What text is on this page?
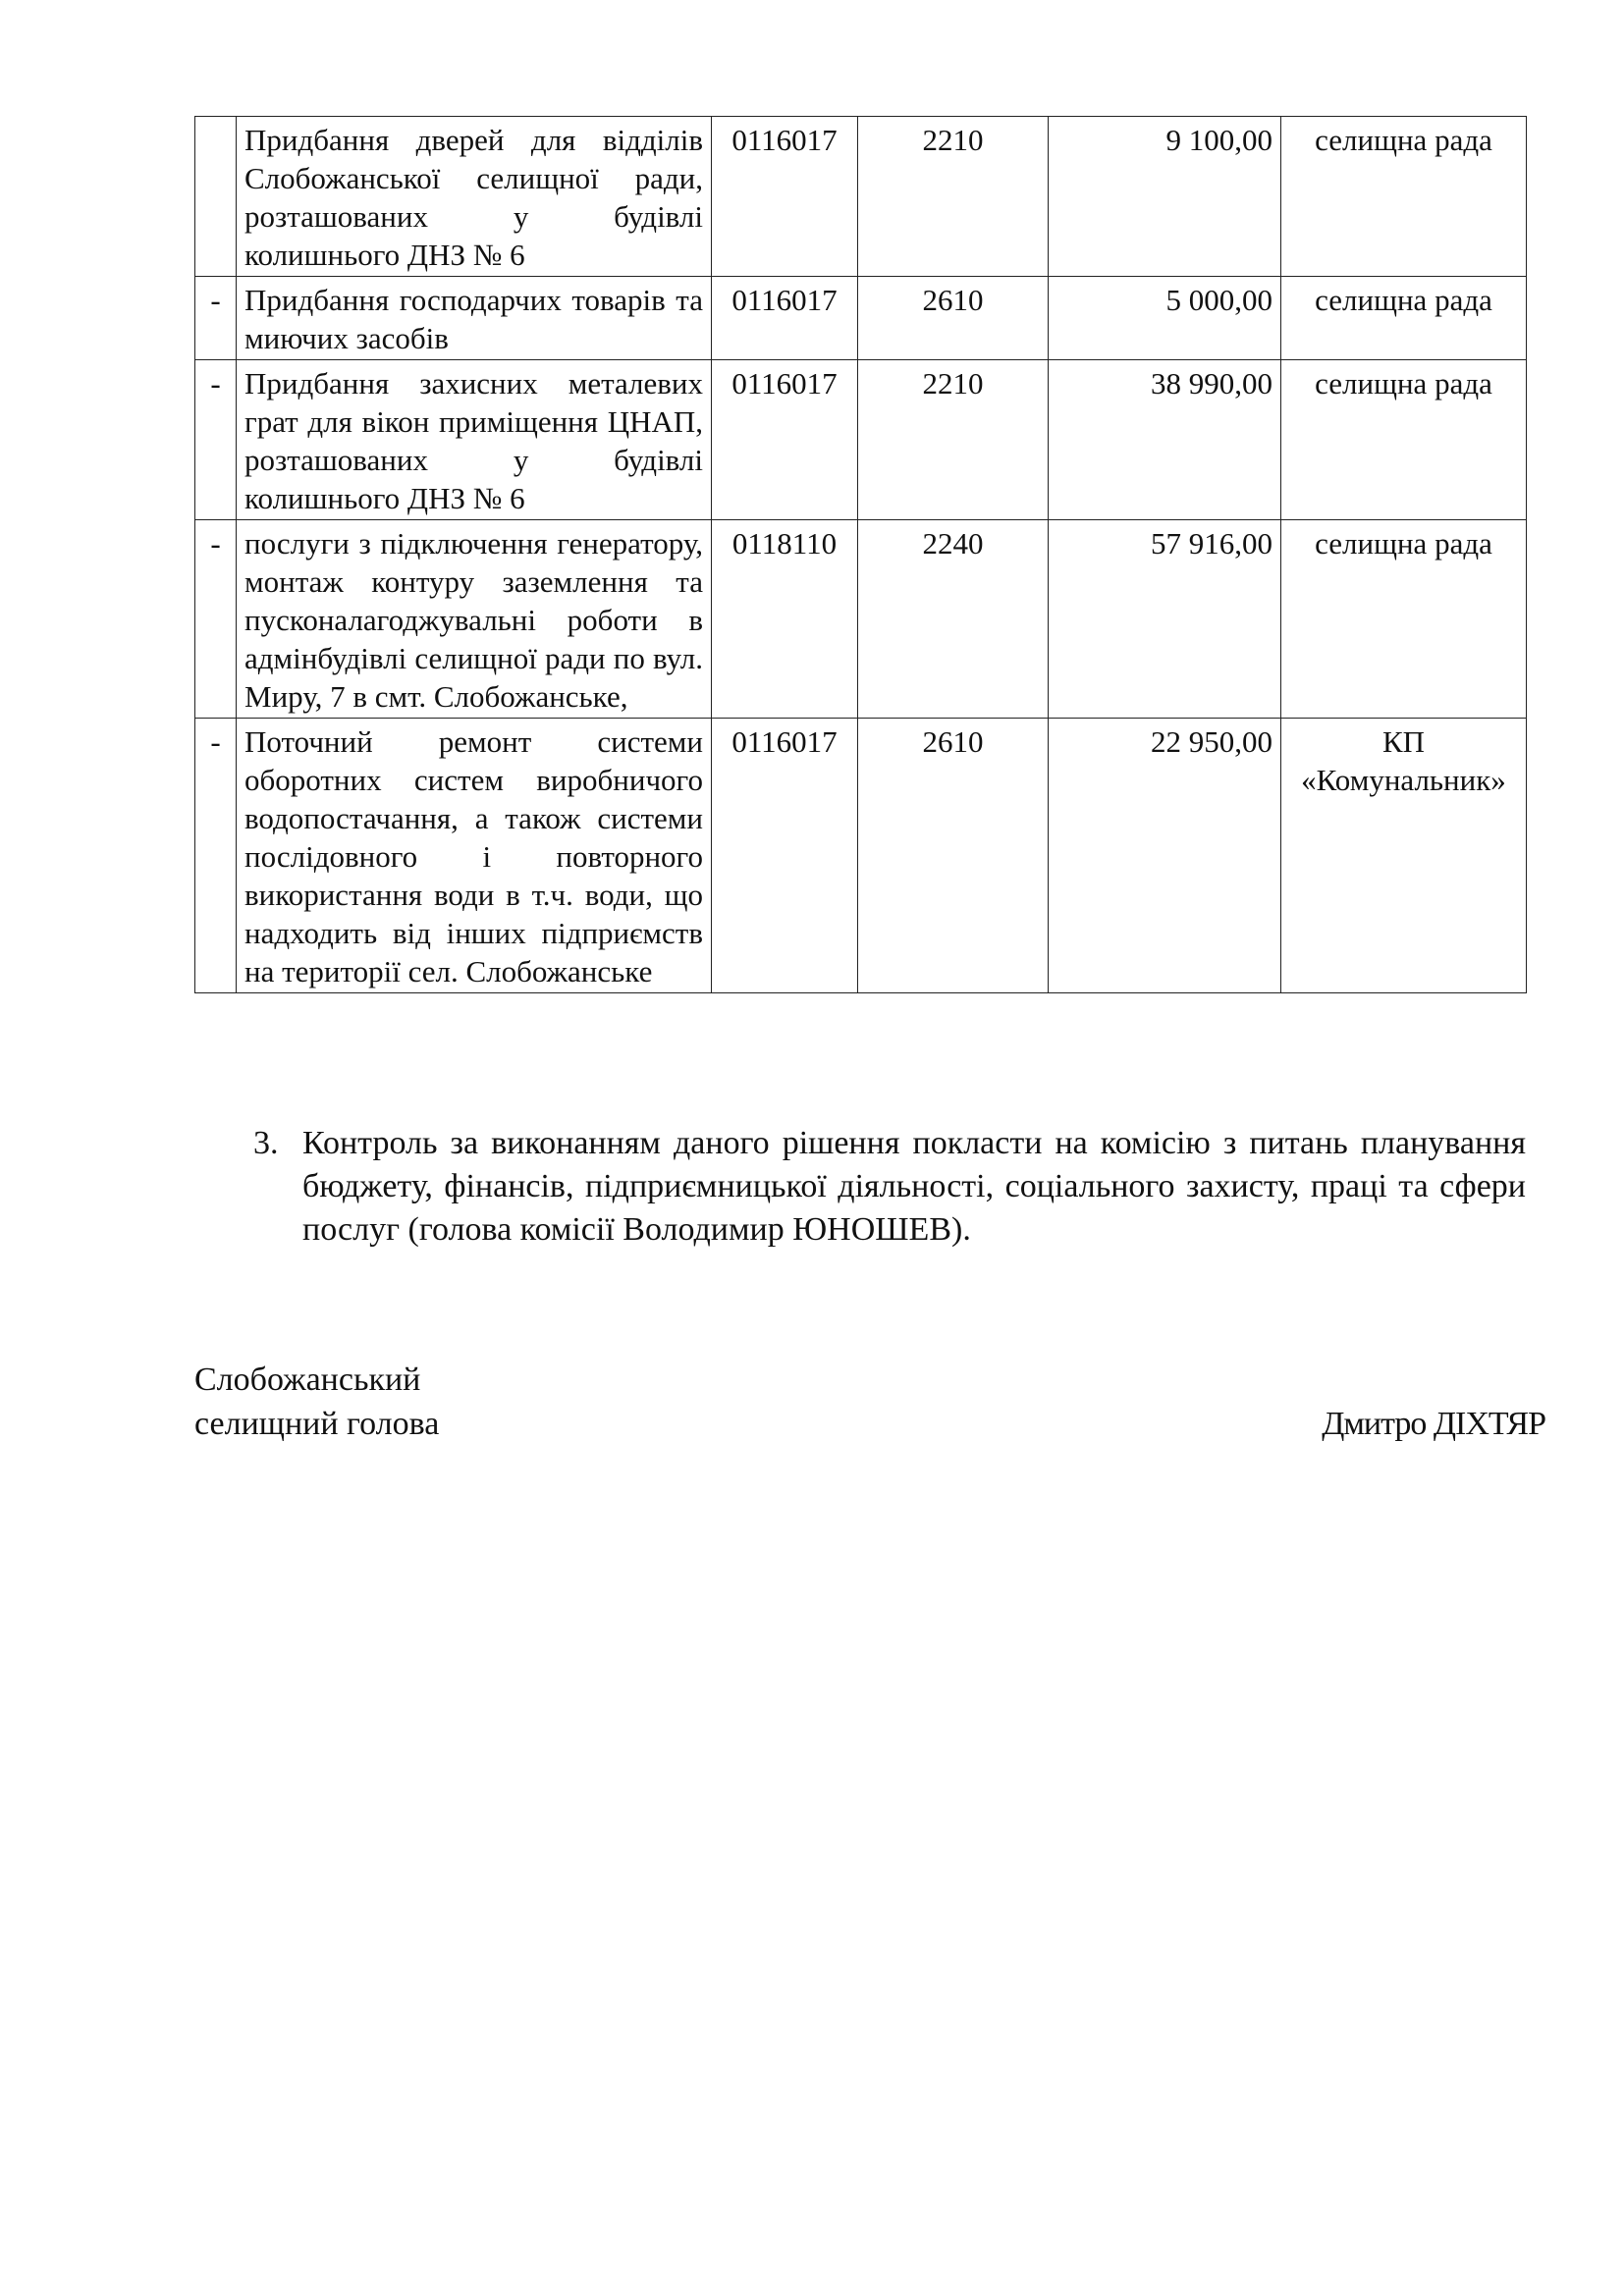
	Придбання дверей для відділів Слобожанської селищної ради, розташованих у будівлі колишнього ДНЗ № 6	0116017	2210	9 100,00	селищна рада
-	Придбання господарчих товарів та миючих засобів	0116017	2610	5 000,00	селищна рада
-	Придбання захисних металевих грат для вікон приміщення ЦНАП, розташованих у будівлі колишнього ДНЗ № 6	0116017	2210	38 990,00	селищна рада
-	послуги з підключення генератору, монтаж контуру заземлення та пусконалагоджувальні роботи в адмінбудівлі селищної ради по вул. Миру, 7 в смт. Слобожанське,	0118110	2240	57 916,00	селищна рада
-	Поточний ремонт системи оборотних систем виробничого водопостачання, а також системи послідовного і повторного використання води в т.ч. води, що надходить від інших підприємств на території сел. Слобожанське	0116017	2610	22 950,00	КП «Комунальник»
3. Контроль за виконанням даного рішення покласти на комісію з питань планування бюджету, фінансів, підприємницької діяльності, соціального захисту, праці та сфери послуг (голова комісії Володимир ЮНОШЕВ).
Слобожанський
селищний голова	Дмитро ДІХТЯР
